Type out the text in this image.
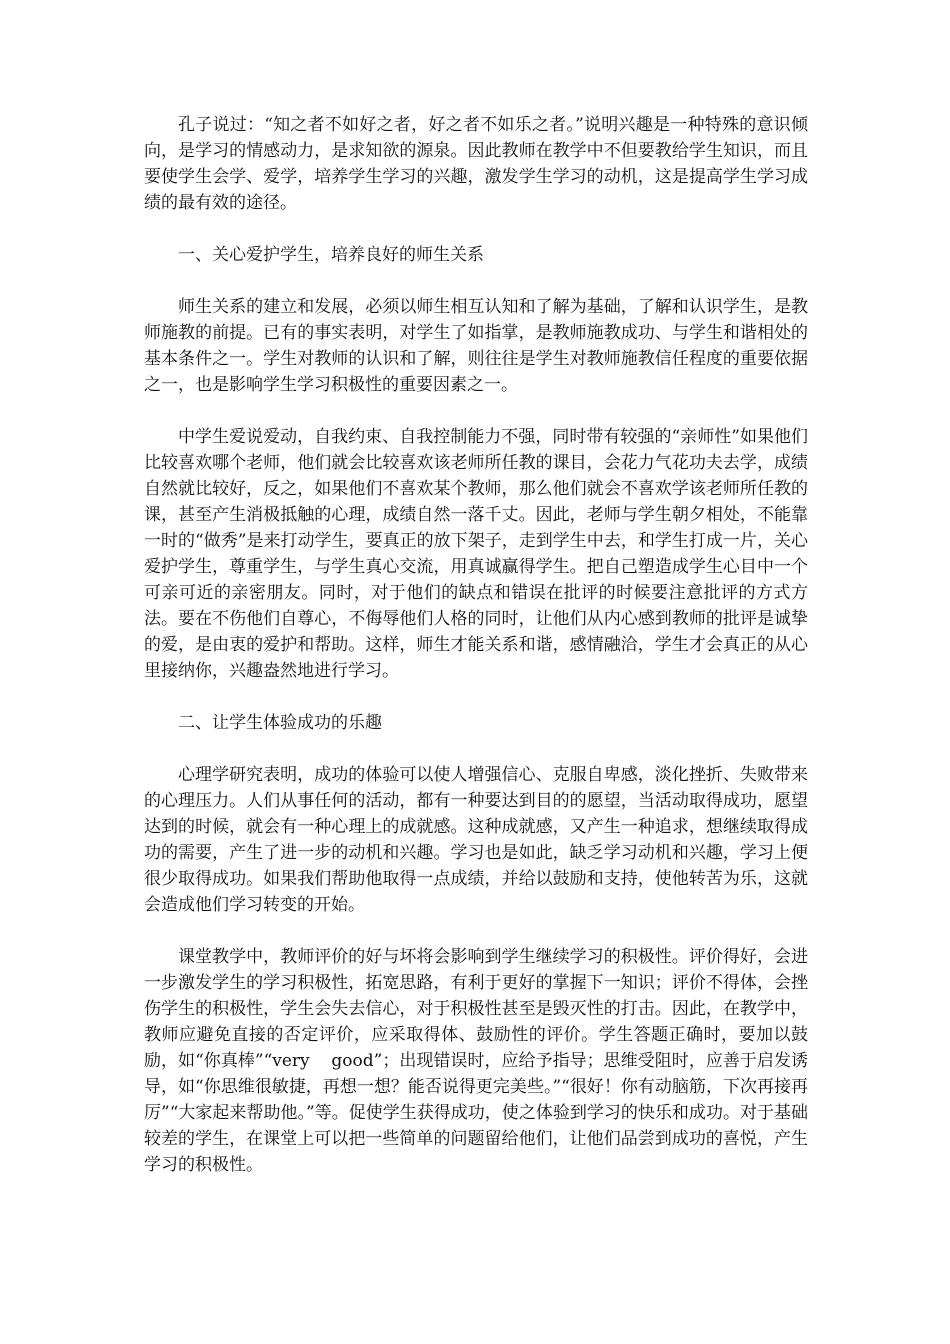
孔子说过：“知之者不如好之者，好之者不如乐之者。”说明兴趣是一种特殊的意识倾向，是学习的情感动力，是求知欲的源泉。因此教师在教学中不但要教给学生知识，而且要使学生会学、爱学，培养学生学习的兴趣，激发学生学习的动机，这是提高学生学习成绩的最有效的途径。

一、关心爱护学生，培养良好的师生关系

师生关系的建立和发展，必须以师生相互认知和了解为基础，了解和认识学生，是教师施教的前提。已有的事实表明，对学生了如指掌，是教师施教成功、与学生和谐相处的基本条件之一。学生对教师的认识和了解，则往往是学生对教师施教信任程度的重要依据之一，也是影响学生学习积极性的重要因素之一。

中学生爱说爱动，自我约束、自我控制能力不强，同时带有较强的“亲师性”如果他们比较喜欢哪个老师，他们就会比较喜欢该老师所任教的课目，会花力气花功夫去学，成绩自然就比较好，反之，如果他们不喜欢某个教师，那么他们就会不喜欢学该老师所任教的课，甚至产生消极抵触的心理，成绩自然一落千丈。因此，老师与学生朝夕相处，不能靠一时的“做秀”是来打动学生，要真正的放下架子，走到学生中去，和学生打成一片，关心爱护学生，尊重学生，与学生真心交流，用真诚赢得学生。把自己塑造成学生心目中一个可亲可近的亲密朋友。同时，对于他们的缺点和错误在批评的时候要注意批评的方式方法。要在不伤他们自尊心，不侮辱他们人格的同时，让他们从内心感到教师的批评是诚挚的爱，是由衷的爱护和帮助。这样，师生才能关系和谐，感情融洽，学生才会真正的从心里接纳你，兴趣盎然地进行学习。

二、让学生体验成功的乐趣

心理学研究表明，成功的体验可以使人增强信心、克服自卑感，淡化挫折、失败带来的心理压力。人们从事任何的活动，都有一种要达到目的的愿望，当活动取得成功，愿望达到的时候，就会有一种心理上的成就感。这种成就感，又产生一种追求，想继续取得成功的需要，产生了进一步的动机和兴趣。学习也是如此，缺乏学习动机和兴趣，学习上便很少取得成功。如果我们帮助他取得一点成绩，并给以鼓励和支持，使他转苦为乐，这就会造成他们学习转变的开始。

课堂教学中，教师评价的好与坏将会影响到学生继续学习的积极性。评价得好，会进一步激发学生的学习积极性，拓宽思路，有利于更好的掌握下一知识；评价不得体，会挫伤学生的积极性，学生会失去信心，对于积极性甚至是毁灭性的打击。因此，在教学中，教师应避免直接的否定评价，应采取得体、鼓励性的评价。学生答题正确时，要加以鼓励，如“你真棒”“very    good”；出现错误时，应给予指导；思维受阻时，应善于启发诱导，如“你思维很敏捷，再想一想？能否说得更完美些。”“很好！你有动脑筋，下次再接再厉”“大家起来帮助他。”等。促使学生获得成功，使之体验到学习的快乐和成功。对于基础较差的学生，在课堂上可以把一些简单的问题留给他们，让他们品尝到成功的喜悦，产生学习的积极性。
